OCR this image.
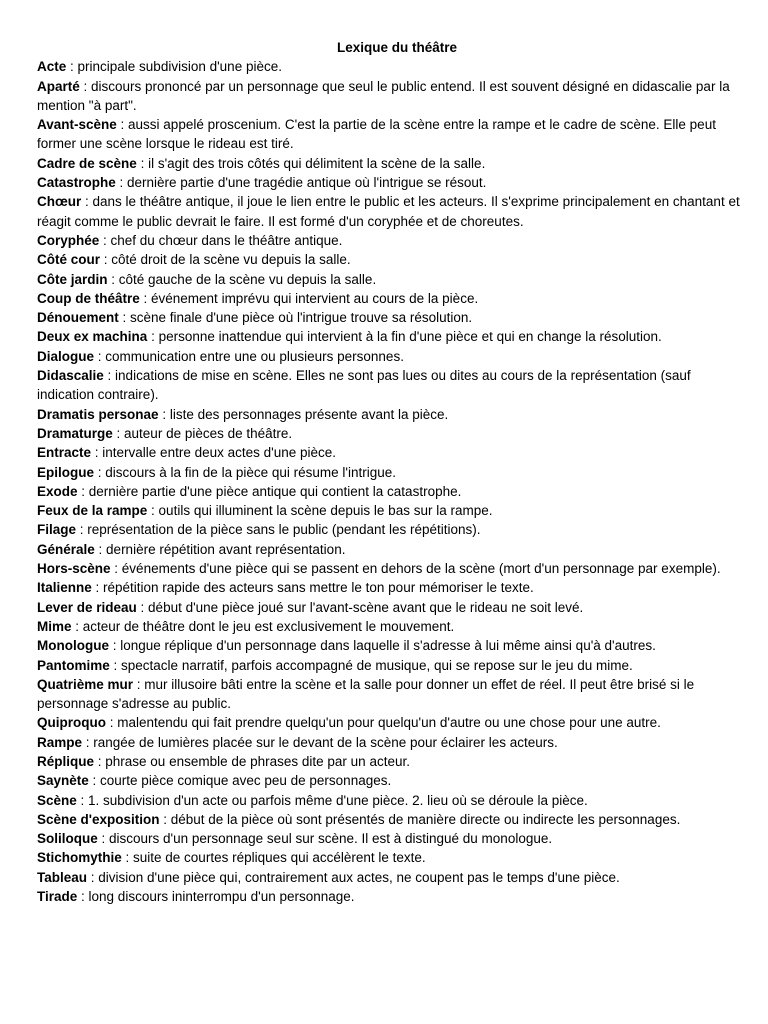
Lexique du théâtre
Acte : principale subdivision d'une pièce.
Aparté : discours prononcé par un personnage que seul le public entend. Il est souvent désigné en didascalie par la mention "à part".
Avant-scène : aussi appelé proscenium. C'est la partie de la scène entre la rampe et le cadre de scène. Elle peut former une scène lorsque le rideau est tiré.
Cadre de scène : il s'agit des trois côtés qui délimitent la scène de la salle.
Catastrophe : dernière partie d'une tragédie antique où l'intrigue se résout.
Chœur : dans le théâtre antique, il joue le lien entre le public et les acteurs. Il s'exprime principalement en chantant et réagit comme le public devrait le faire. Il est formé d'un coryphée et de choreutes.
Coryphée : chef du chœur dans le théâtre antique.
Côté cour : côté droit de la scène vu depuis la salle.
Côte jardin : côté gauche de la scène vu depuis la salle.
Coup de théâtre : événement imprévu qui intervient au cours de la pièce.
Dénouement : scène finale d'une pièce où l'intrigue trouve sa résolution.
Deux ex machina : personne inattendue qui intervient à la fin d'une pièce et qui en change la résolution.
Dialogue : communication entre une ou plusieurs personnes.
Didascalie : indications de mise en scène. Elles ne sont pas lues ou dites au cours de la représentation (sauf indication contraire).
Dramatis personae : liste des personnages présente avant la pièce.
Dramaturge : auteur de pièces de théâtre.
Entracte : intervalle entre deux actes d'une pièce.
Epilogue : discours à la fin de la pièce qui résume l'intrigue.
Exode : dernière partie d'une pièce antique qui contient la catastrophe.
Feux de la rampe : outils qui illuminent la scène depuis le bas sur la rampe.
Filage : représentation de la pièce sans le public (pendant les répétitions).
Générale : dernière répétition avant représentation.
Hors-scène : événements d'une pièce qui se passent en dehors de la scène (mort d'un personnage par exemple).
Italienne : répétition rapide des acteurs sans mettre le ton pour mémoriser le texte.
Lever de rideau : début d'une pièce joué sur l'avant-scène avant que le rideau ne soit levé.
Mime : acteur de théâtre dont le jeu est exclusivement le mouvement.
Monologue : longue réplique d'un personnage dans laquelle il s'adresse à lui même ainsi qu'à d'autres.
Pantomime : spectacle narratif, parfois accompagné de musique, qui se repose sur le jeu du mime.
Quatrième mur : mur illusoire bâti entre la scène et la salle pour donner un effet de réel. Il peut être brisé si le personnage s'adresse au public.
Quiproquo : malentendu qui fait prendre quelqu'un pour quelqu'un d'autre ou une chose pour une autre.
Rampe : rangée de lumières placée sur le devant de la scène pour éclairer les acteurs.
Réplique : phrase ou ensemble de phrases dite par un acteur.
Saynète : courte pièce comique avec peu de personnages.
Scène : 1. subdivision d'un acte ou parfois même d'une pièce. 2. lieu où se déroule la pièce.
Scène d'exposition : début de la pièce où sont présentés de manière directe ou indirecte les personnages.
Soliloque : discours d'un personnage seul sur scène. Il est à distingué du monologue.
Stichomythie : suite de courtes répliques qui accélèrent le texte.
Tableau : division d'une pièce qui, contrairement aux actes, ne coupent pas le temps d'une pièce.
Tirade : long discours ininterrompu d'un personnage.
